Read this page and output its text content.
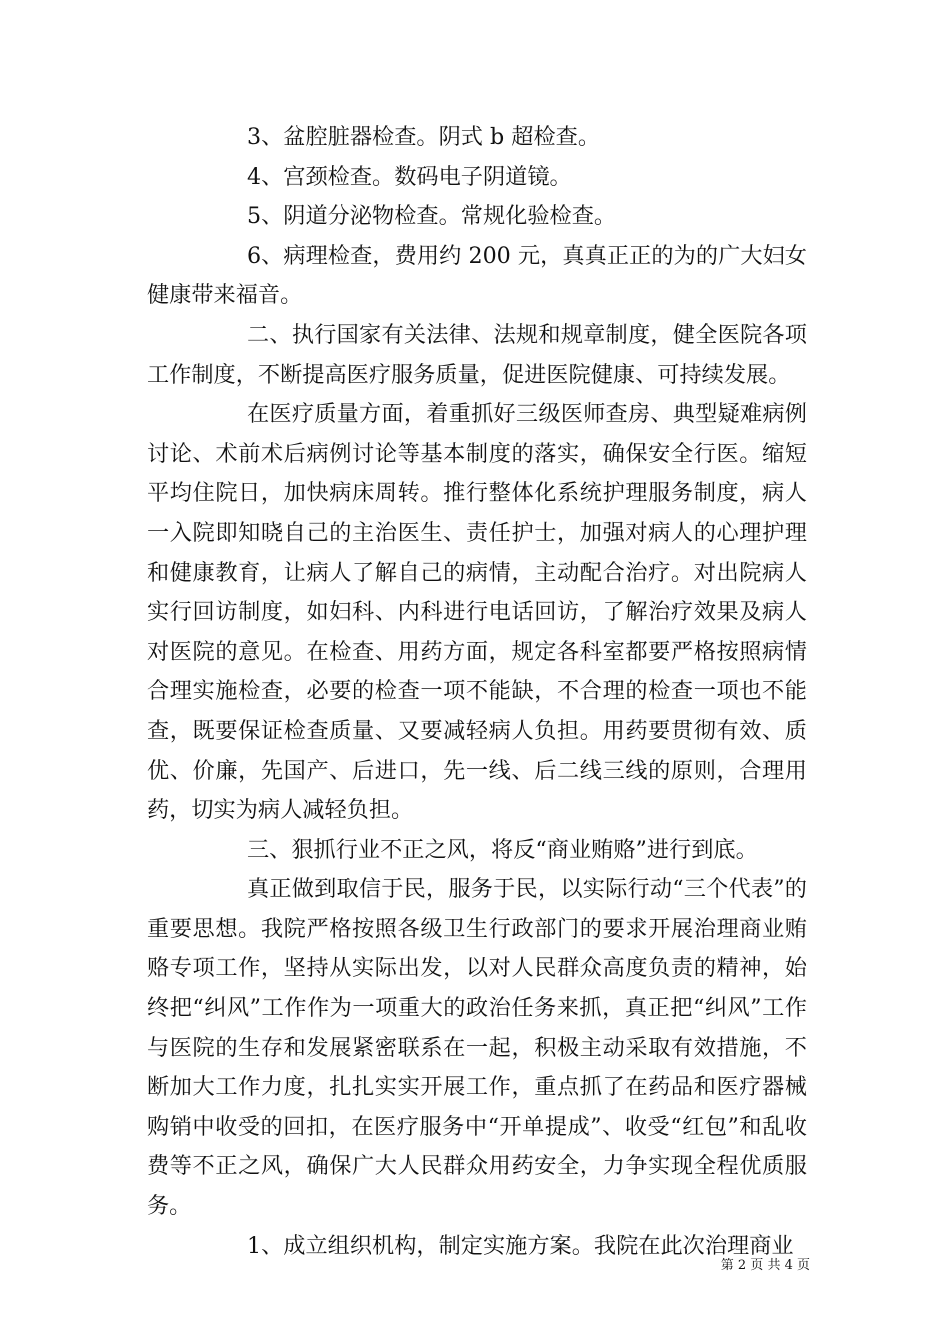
3、盆腔脏器检查。阴式 b 超检查。

4、宫颈检查。数码电子阴道镜。

5、阴道分泌物检查。常规化验检查。

6、病理检查，费用约 200 元，真真正正的为的广大妇女健康带来福音。

二、执行国家有关法律、法规和规章制度，健全医院各项工作制度，不断提高医疗服务质量，促进医院健康、可持续发展。

在医疗质量方面，着重抓好三级医师查房、典型疑难病例讨论、术前术后病例讨论等基本制度的落实，确保安全行医。缩短平均住院日，加快病床周转。推行整体化系统护理服务制度，病人一入院即知晓自己的主治医生、责任护士，加强对病人的心理护理和健康教育，让病人了解自己的病情，主动配合治疗。对出院病人实行回访制度，如妇科、内科进行电话回访，了解治疗效果及病人对医院的意见。在检查、用药方面，规定各科室都要严格按照病情合理实施检查，必要的检查一项不能缺，不合理的检查一项也不能查，既要保证检查质量、又要减轻病人负担。用药要贯彻有效、质优、价廉，先国产、后进口，先一线、后二线三线的原则，合理用药，切实为病人减轻负担。

三、狠抓行业不正之风，将反“商业贿赂”进行到底。

真正做到取信于民，服务于民，以实际行动“三个代表”的重要思想。我院严格按照各级卫生行政部门的要求开展治理商业贿赂专项工作，坚持从实际出发，以对人民群众高度负责的精神，始终把“纠风”工作作为一项重大的政治任务来抓，真正把“纠风”工作与医院的生存和发展紧密联系在一起，积极主动采取有效措施，不断加大工作力度，扎扎实实开展工作，重点抓了在药品和医疗器械购销中收受的回扣，在医疗服务中“开单提成”、收受“红包”和乱收费等不正之风，确保广大人民群众用药安全，力争实现全程优质服务。

1、成立组织机构，制定实施方案。我院在此次治理商业

第 2 页 共 4 页
